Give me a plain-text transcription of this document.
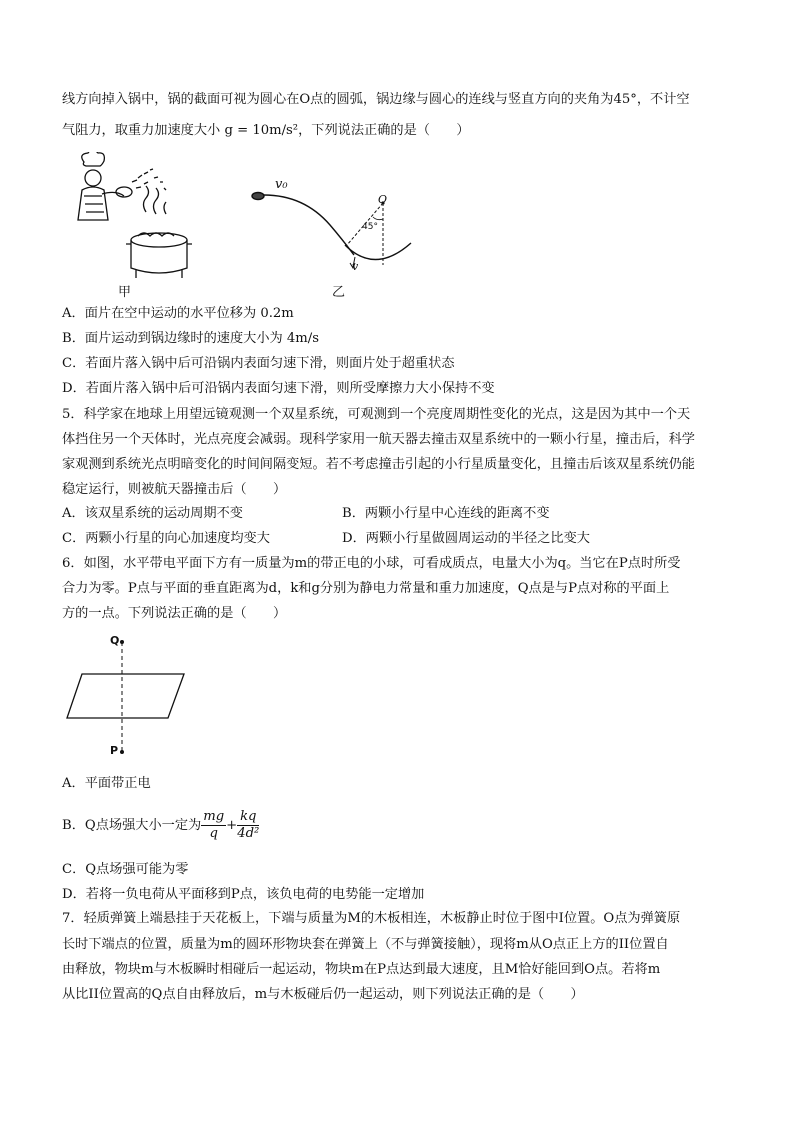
线方向掉入锅中，锅的截面可视为圆心在O点的圆弧，锅边缘与圆心的连线与竖直方向的夹角为45°，不计空
气阻力，取重力加速度大小 g = 10m/s²，下列说法正确的是（　　）
甲
v₀
O
45°
v
乙
A．面片在空中运动的水平位移为 0.2m
B．面片运动到锅边缘时的速度大小为 4m/s
C．若面片落入锅中后可沿锅内表面匀速下滑，则面片处于超重状态
D．若面片落入锅中后可沿锅内表面匀速下滑，则所受摩擦力大小保持不变
5．科学家在地球上用望远镜观测一个双星系统，可观测到一个亮度周期性变化的光点，这是因为其中一个天
体挡住另一个天体时，光点亮度会减弱。现科学家用一航天器去撞击双星系统中的一颗小行星，撞击后，科学
家观测到系统光点明暗变化的时间间隔变短。若不考虑撞击引起的小行星质量变化，且撞击后该双星系统仍能
稳定运行，则被航天器撞击后（　　）
A．该双星系统的运动周期不变	B．两颗小行星中心连线的距离不变
C．两颗小行星的向心加速度均变大	D．两颗小行星做圆周运动的半径之比变大
6．如图，水平带电平面下方有一质量为m的带正电的小球，可看成质点，电量大小为q。当它在P点时所受
合力为零。P点与平面的垂直距离为d，k和g分别为静电力常量和重力加速度，Q点是与P点对称的平面上
方的一点。下列说法正确的是（　　）
Q
P
A．平面带正电
B．Q点场强大小一定为 $\frac{mg}{q} + \frac{kq}{\text{4d²}}$
C．Q点场强可能为零
D．若将一负电荷从平面移到P点，该负电荷的电势能一定增加
7．轻质弹簧上端悬挂于天花板上，下端与质量为M的木板相连，木板静止时位于图中I位置。O点为弹簧原
长时下端点的位置，质量为m的圆环形物块套在弹簧上（不与弹簧接触），现将m从O点正上方的II位置自
由释放，物块m与木板瞬时相碰后一起运动，物块m在P点达到最大速度，且M恰好能回到O点。若将m
从比II位置高的Q点自由释放后，m与木板碰后仍一起运动，则下列说法正确的是（　　）
